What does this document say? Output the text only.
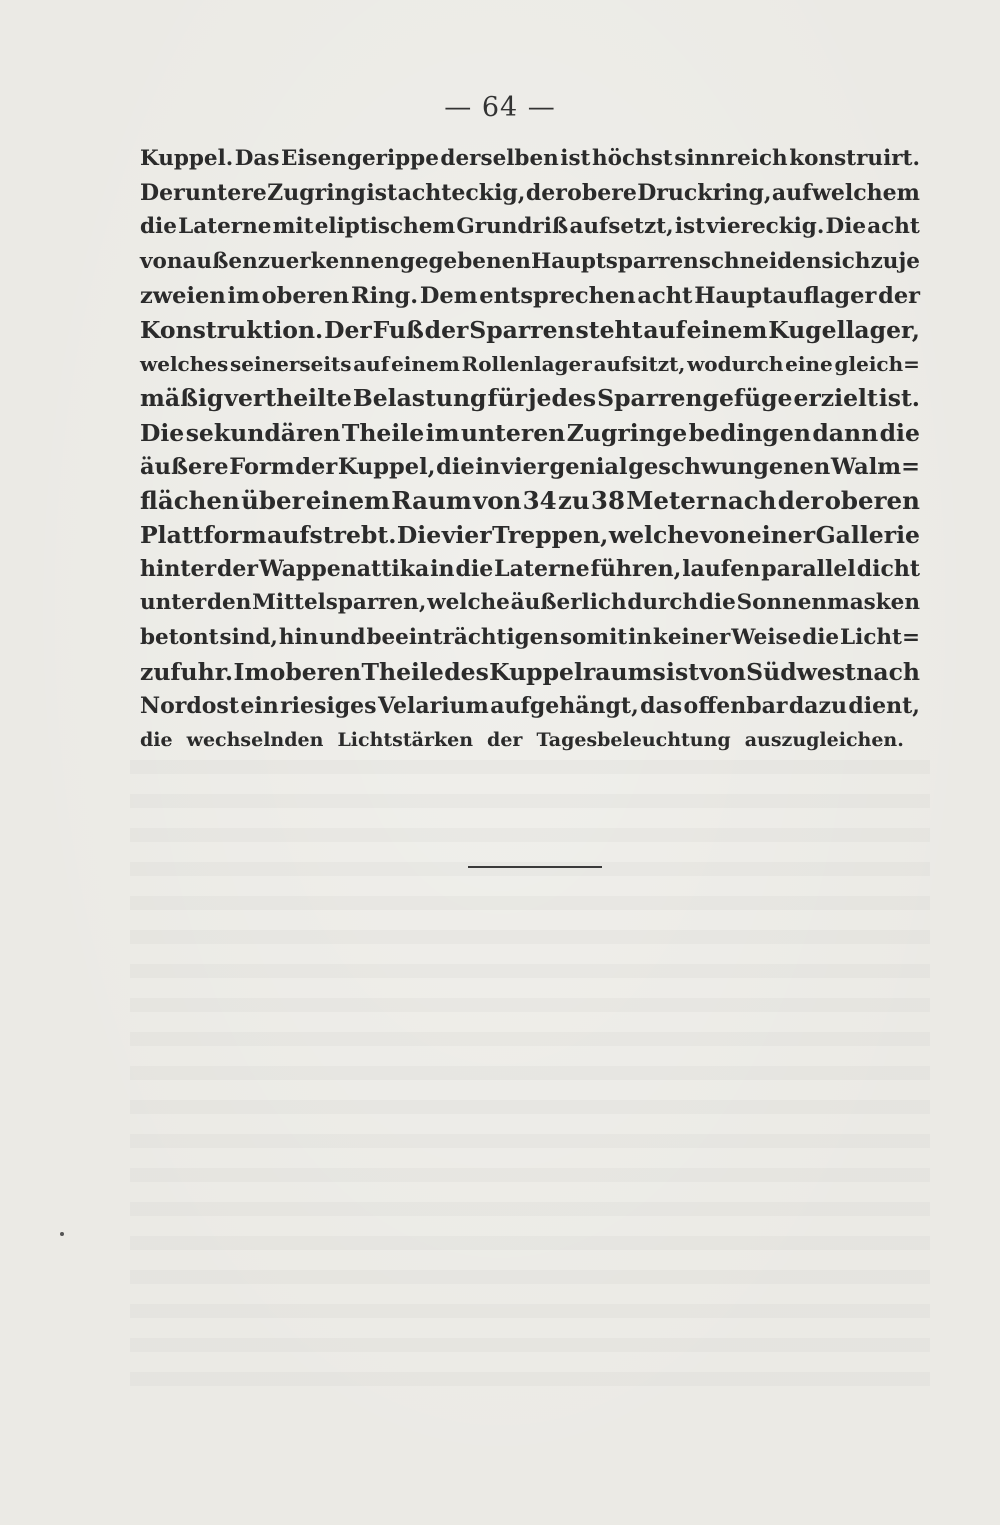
— 64 —
Kuppel. Das Eisengerippe derselben ist höchst sinnreich konstruirt.
Der untere Zugring ist achteckig, der obere Druckring, auf welchem
die Laterne mit eliptischem Grundriß aufsetzt, ist viereckig. Die acht
von außen zu erkennen gegebenen Hauptsparren schneiden sich zu je
zweien im oberen Ring. Dem entsprechen acht Hauptauflager der
Konstruktion. Der Fuß der Sparren steht auf einem Kugellager,
welches seinerseits auf einem Rollenlager aufsitzt, wodurch eine gleich=
mäßig vertheilte Belastung für jedes Sparrengefüge erzielt ist.
Die sekundären Theile im unteren Zugringe bedingen dann die
äußere Form der Kuppel, die in vier genial geschwungenen Walm=
flächen über einem Raum von 34 zu 38 Meter nach der oberen
Plattform aufstrebt. Die vier Treppen, welche von einer Gallerie
hinter der Wappenattika in die Laterne führen, laufen parallel dicht
unter den Mittelsparren, welche äußerlich durch die Sonnenmasken
betont sind, hin und beeinträchtigen somit in keiner Weise die Licht=
zufuhr. Im oberen Theile des Kuppelraums ist von Südwest nach
Nordost ein riesiges Velarium aufgehängt, das offenbar dazu dient,
die wechselnden Lichtstärken der Tagesbeleuchtung auszugleichen.
